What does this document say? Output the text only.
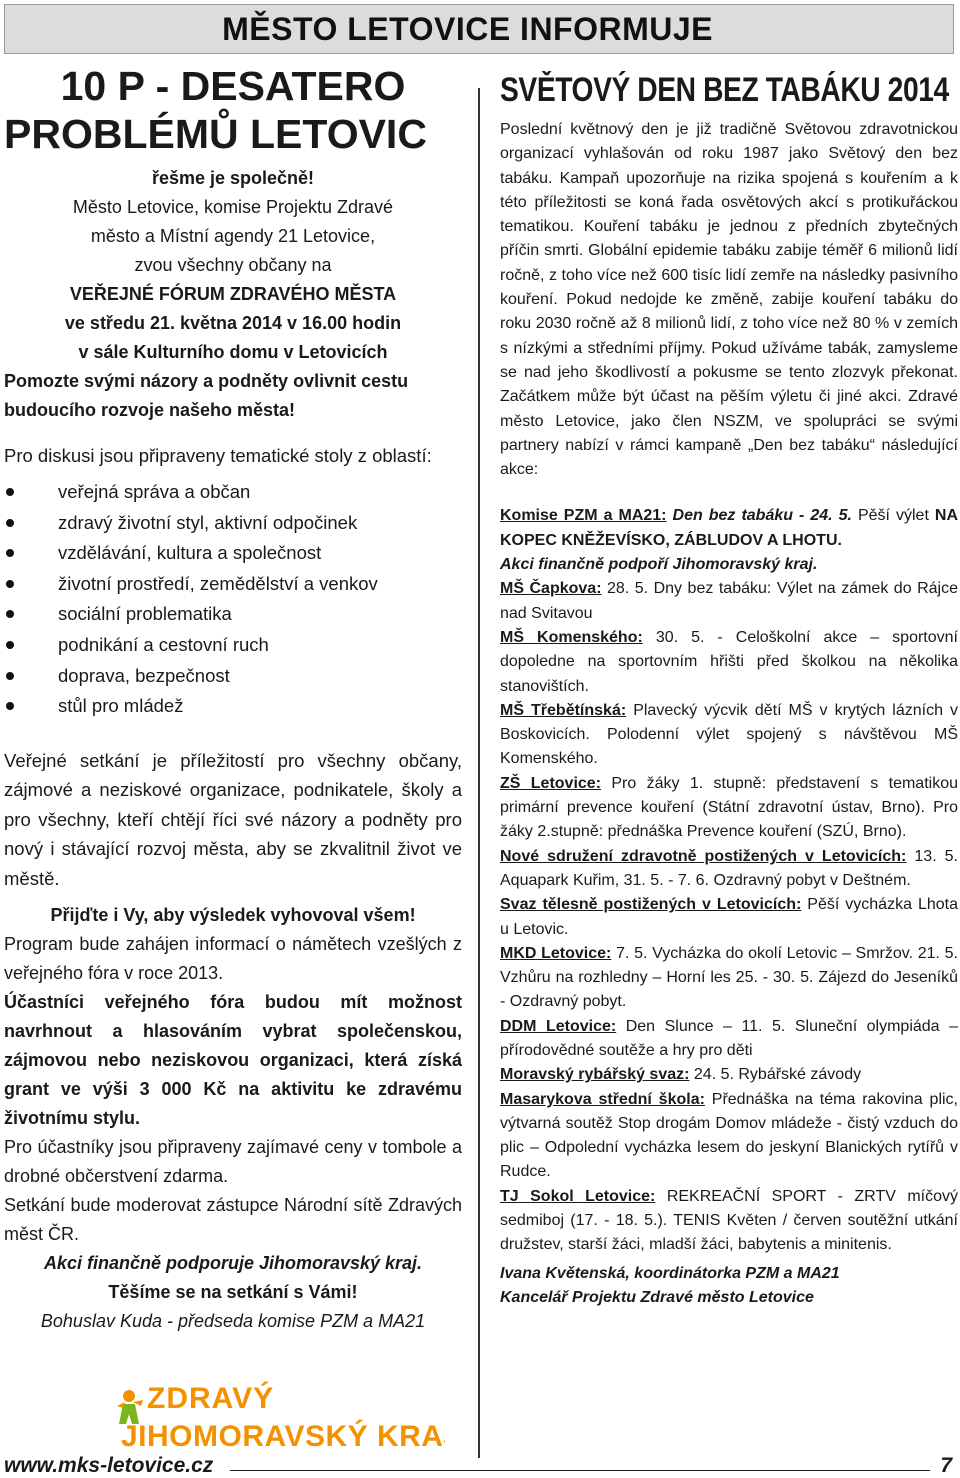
MĚSTO LETOVICE INFORMUJE
10 P - DESATERO
PROBLÉMŮ LETOVIC

řešme je společně!

Město Letovice, komise Projektu Zdravé

město a Místní agendy 21 Letovice,

zvou všechny občany na

VEŘEJNÉ FÓRUM ZDRAVÉHO MĚSTA

ve středu 21. května 2014 v 16.00 hodin

v sále Kulturního domu v Letovicích

Pomozte svými názory a podněty ovlivnit cestu

budoucího rozvoje našeho města!

Pro diskusi jsou připraveny tematické stoly z oblastí:

veřejná správa a občan
zdravý životní styl, aktivní odpočinek
vzdělávání, kultura a společnost
životní prostředí, zemědělství a venkov
sociální problematika
podnikání a cestovní ruch
doprava, bezpečnost
stůl pro mládež

Veřejné setkání je příležitostí pro všechny občany, zájmové a neziskové organizace, podnikatele, školy a pro všechny, kteří chtějí říci své názory a podněty pro nový i stávající rozvoj města, aby se zkvalitnil život ve městě.

Přijďte i Vy, aby výsledek vyhovoval všem!

Program bude zahájen informací o námětech vzešlých z veřejného fóra v roce 2013.

Účastníci veřejného fóra budou mít možnost navrhnout a hlasováním vybrat společenskou, zájmovou nebo neziskovou organizaci, která získá grant ve výši 3 000 Kč na aktivitu ke zdravému životnímu stylu.

Pro účastníky jsou připraveny zajímavé ceny v tombole a drobné občerstvení zdarma.

Setkání bude moderovat zástupce Národní sítě Zdravých měst ČR.

Akci finančně podporuje Jihomoravský kraj.

Těšíme se na setkání s Vámi!

Bohuslav Kuda - předseda komise PZM a MA21

SVĚTOVÝ DEN BEZ TABÁKU 2014

Poslední květnový den je již tradičně Světovou zdravotnickou organizací vyhlašován od roku 1987 jako Světový den bez tabáku. Kampaň upozorňuje na rizika spojená s kouřením a k této příležitosti se koná řada osvětových akcí s protikuřáckou tematikou. Kouření tabáku je jednou z předních zbytečných příčin smrti. Globální epidemie tabáku zabije téměř 6 milionů lidí ročně, z toho více než 600 tisíc lidí zemře na následky pasivního kouření. Pokud nedojde ke změně, zabije kouření tabáku do roku 2030 ročně až 8 milionů lidí, z toho více než 80 % v zemích s nízkými a středními příjmy. Pokud užíváme tabák, zamysleme se nad jeho škodlivostí a pokusme se tento zlozvyk překonat. Začátkem může být účast na pěším výletu či jiné akci. Zdravé město Letovice, jako člen NSZM, ve spolupráci se svými partnery nabízí v rámci kampaně „Den bez tabáku“ následující akce:

Komise PZM a MA21: Den bez tabáku - 24. 5. Pěší výlet NA KOPEC KNĚŽEVÍSKO, ZÁBLUDOV A LHOTU.
Akci finančně podpoří Jihomoravský kraj.

MŠ Čapkova: 28. 5. Dny bez tabáku: Výlet na zámek do Rájce nad Svitavou

MŠ Komenského: 30. 5. - Celoškolní akce – sportovní dopoledne na sportovním hřišti před školkou na několika stanovištích.

MŠ Třebětínská: Plavecký výcvik dětí MŠ v krytých lázních v Boskovicích. Polodenní výlet spojený s návštěvou MŠ Komenského.

ZŠ Letovice: Pro žáky 1. stupně: představení s tematikou primární prevence kouření (Státní zdravotní ústav, Brno). Pro žáky 2.stupně: přednáška Prevence kouření (SZÚ, Brno).

Nové sdružení zdravotně postižených v Letovicích: 13. 5. Aquapark Kuřim, 31. 5. - 7. 6. Ozdravný pobyt v Deštném.

Svaz tělesně postižených v Letovicích: Pěší vycházka Lhota u Letovic.

MKD Letovice: 7. 5. Vycházka do okolí Letovic – Smržov. 21. 5. Vzhůru na rozhledny – Horní les 25. - 30. 5. Zájezd do Jeseníků - Ozdravný pobyt.

DDM Letovice: Den Slunce – 11. 5. Sluneční olympiáda – přírodovědné soutěže a hry pro děti

Moravský rybářský svaz: 24. 5. Rybářské závody

Masarykova střední škola: Přednáška na téma rakovina plic, výtvarná soutěž Stop drogám Domov mládeže - čistý vzduch do plic – Odpolední vycházka lesem do jeskyní Blanických rytířů v Rudce.

TJ Sokol Letovice: REKREAČNÍ SPORT - ZRTV míčový sedmiboj (17. - 18. 5.). TENIS Květen / červen soutěžní utkání družstev, starší žáci, mladší žáci, babytenis a minitenis.

Ivana Květenská, koordinátorka PZM a MA21

Kancelář Projektu Zdravé město Letovice

ZDRAVÝ
JIHOMORAVSKÝ KRAJ
www.mks-letovice.cz	7
